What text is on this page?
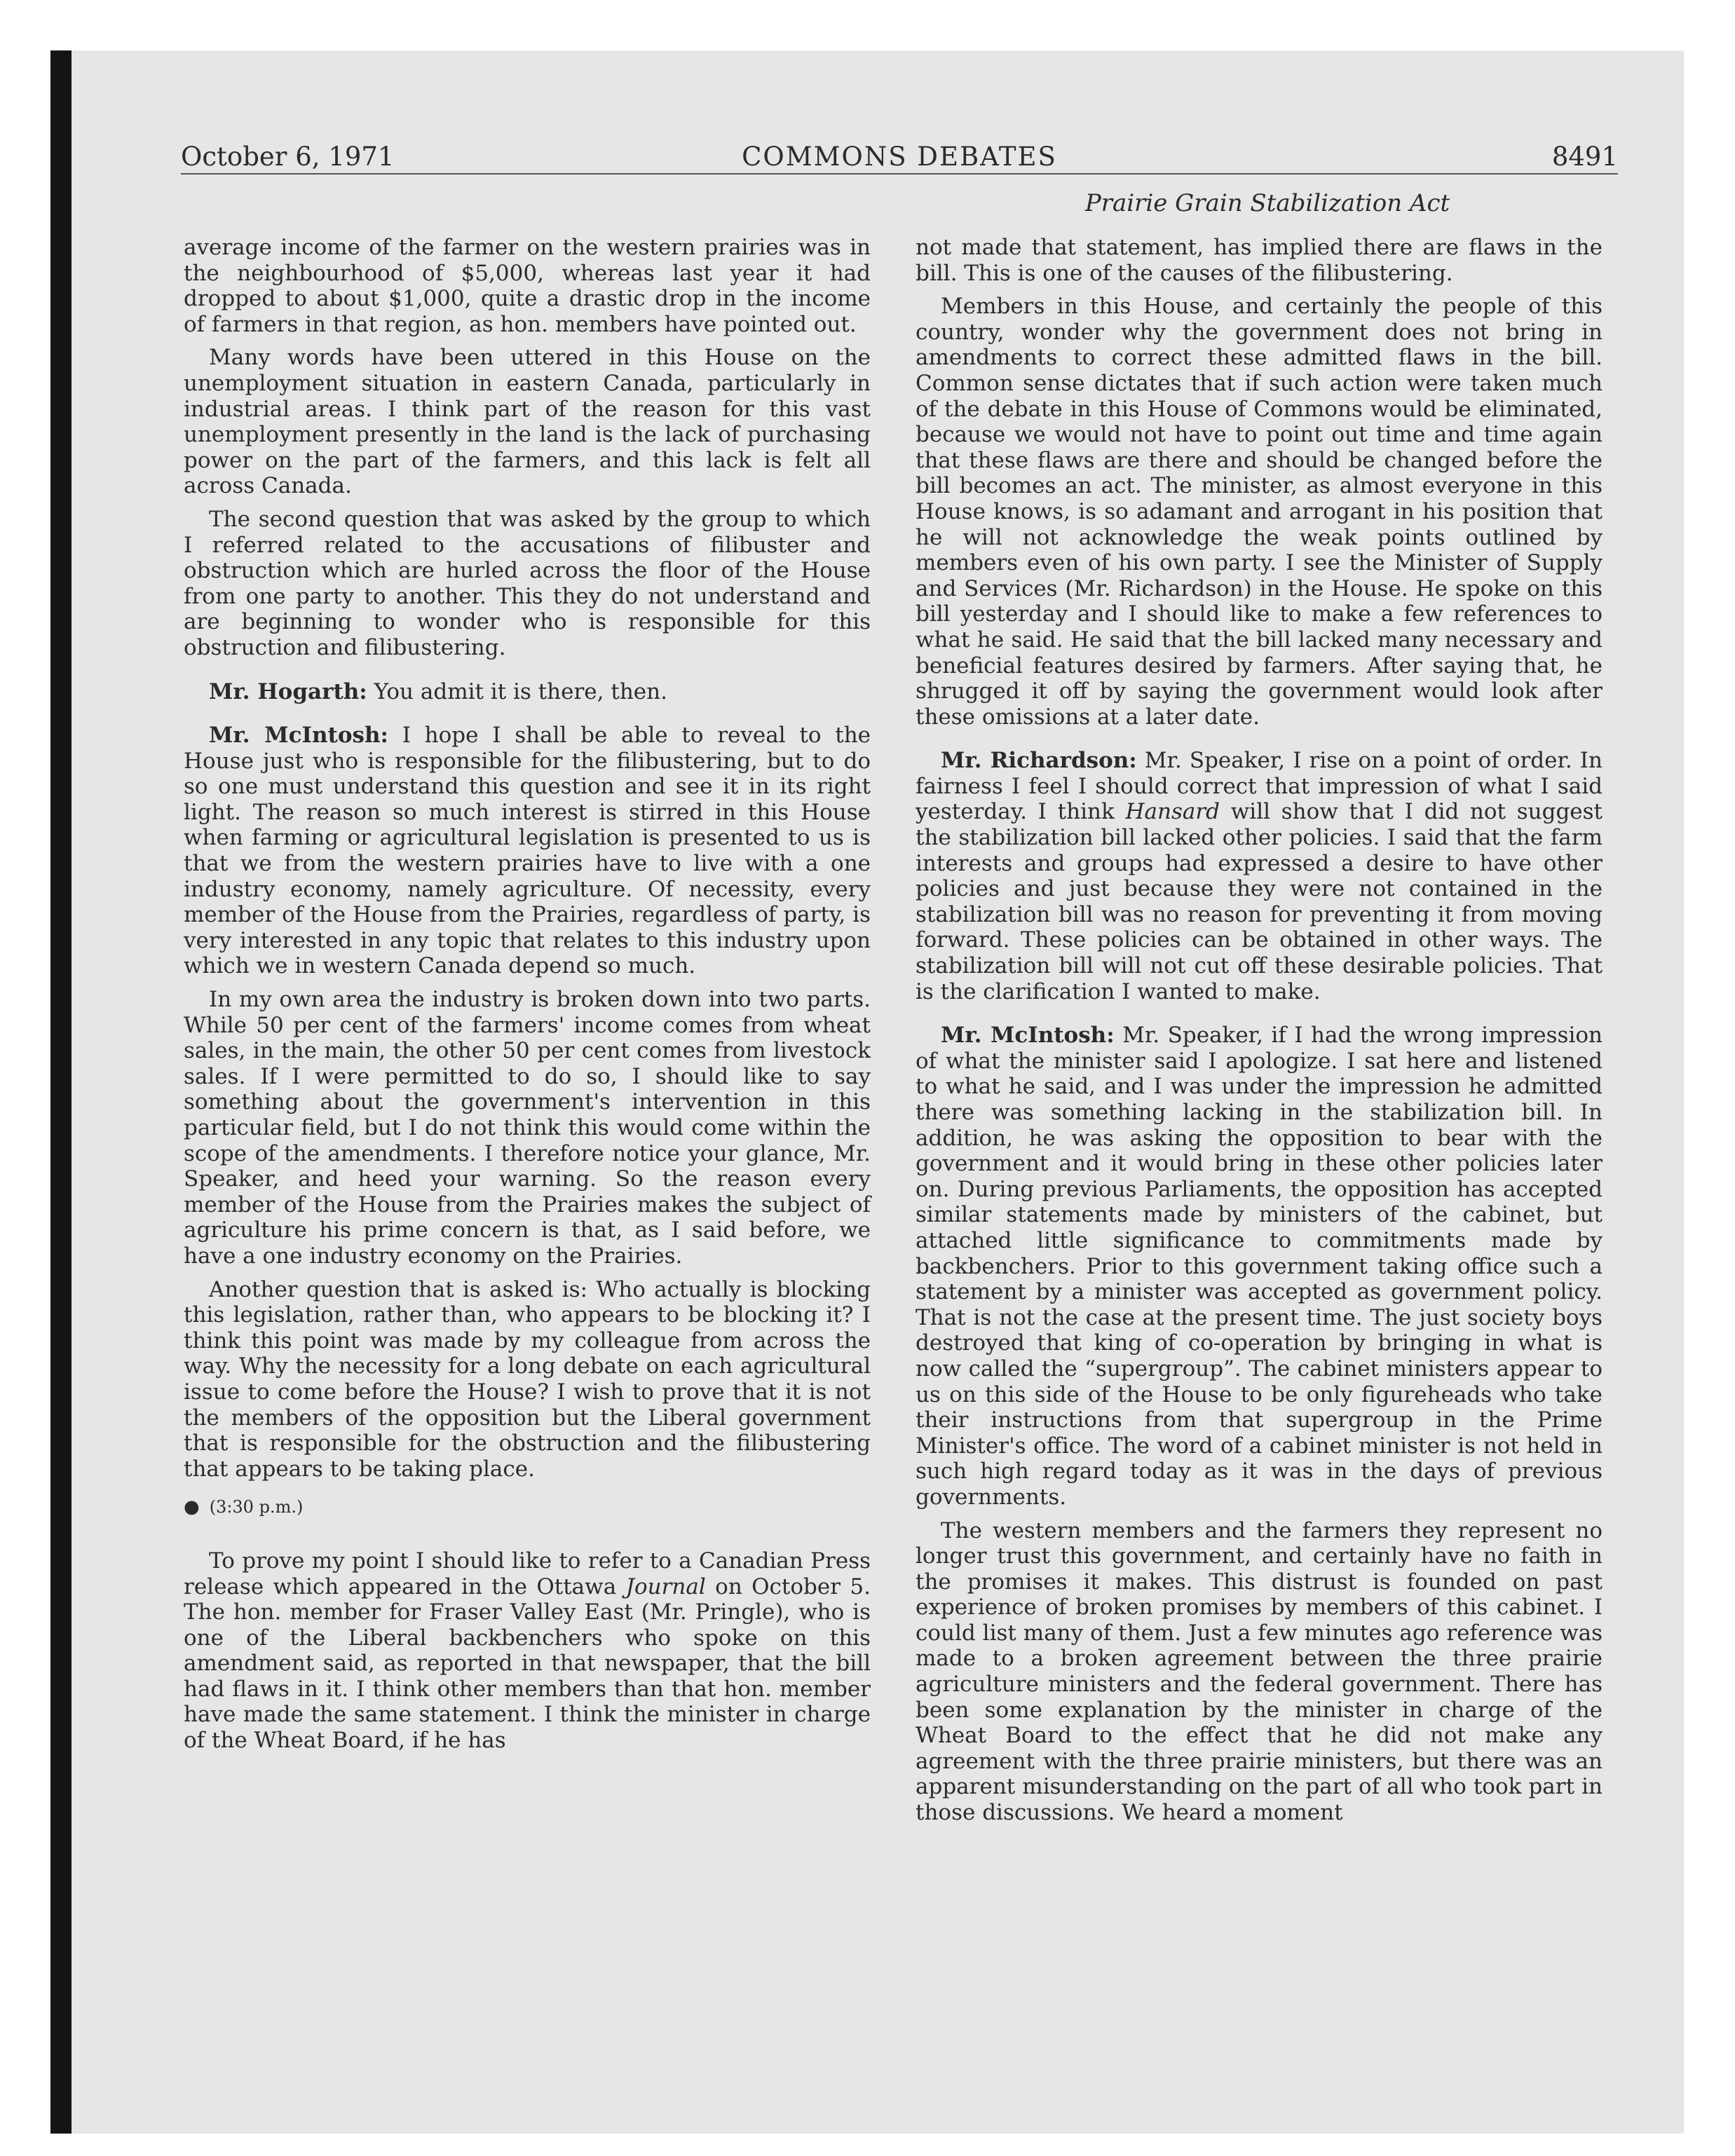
October 6, 1971	COMMONS DEBATES	8491
Prairie Grain Stabilization Act

average income of the farmer on the western prairies was in the neighbourhood of $5,000, whereas last year it had dropped to about $1,000, quite a drastic drop in the income of farmers in that region, as hon. members have pointed out.

Many words have been uttered in this House on the unemployment situation in eastern Canada, particularly in industrial areas. I think part of the reason for this vast unemployment presently in the land is the lack of purchasing power on the part of the farmers, and this lack is felt all across Canada.

The second question that was asked by the group to which I referred related to the accusations of filibuster and obstruction which are hurled across the floor of the House from one party to another. This they do not understand and are beginning to wonder who is responsible for this obstruction and filibustering.

Mr. Hogarth: You admit it is there, then.

Mr. McIntosh: I hope I shall be able to reveal to the House just who is responsible for the filibustering, but to do so one must understand this question and see it in its right light. The reason so much interest is stirred in this House when farming or agricultural legislation is presented to us is that we from the western prairies have to live with a one industry economy, namely agriculture. Of necessity, every member of the House from the Prairies, regardless of party, is very interested in any topic that relates to this industry upon which we in western Canada depend so much.

In my own area the industry is broken down into two parts. While 50 per cent of the farmers' income comes from wheat sales, in the main, the other 50 per cent comes from livestock sales. If I were permitted to do so, I should like to say something about the government's intervention in this particular field, but I do not think this would come within the scope of the amendments. I therefore notice your glance, Mr. Speaker, and heed your warning. So the reason every member of the House from the Prairies makes the subject of agriculture his prime concern is that, as I said before, we have a one industry economy on the Prairies.

Another question that is asked is: Who actually is blocking this legislation, rather than, who appears to be blocking it? I think this point was made by my colleague from across the way. Why the necessity for a long debate on each agricultural issue to come before the House? I wish to prove that it is not the members of the opposition but the Liberal government that is responsible for the obstruction and the filibustering that appears to be taking place.

● (3:30 p.m.)

To prove my point I should like to refer to a Canadian Press release which appeared in the Ottawa Journal on October 5. The hon. member for Fraser Valley East (Mr. Pringle), who is one of the Liberal backbenchers who spoke on this amendment said, as reported in that newspaper, that the bill had flaws in it. I think other members than that hon. member have made the same statement. I think the minister in charge of the Wheat Board, if he has

not made that statement, has implied there are flaws in the bill. This is one of the causes of the filibustering.

Members in this House, and certainly the people of this country, wonder why the government does not bring in amendments to correct these admitted flaws in the bill. Common sense dictates that if such action were taken much of the debate in this House of Commons would be eliminated, because we would not have to point out time and time again that these flaws are there and should be changed before the bill becomes an act. The minister, as almost everyone in this House knows, is so adamant and arrogant in his position that he will not acknowledge the weak points outlined by members even of his own party. I see the Minister of Supply and Services (Mr. Richardson) in the House. He spoke on this bill yesterday and I should like to make a few references to what he said. He said that the bill lacked many necessary and beneficial features desired by farmers. After saying that, he shrugged it off by saying the government would look after these omissions at a later date.

Mr. Richardson: Mr. Speaker, I rise on a point of order. In fairness I feel I should correct that impression of what I said yesterday. I think Hansard will show that I did not suggest the stabilization bill lacked other policies. I said that the farm interests and groups had expressed a desire to have other policies and just because they were not contained in the stabilization bill was no reason for preventing it from moving forward. These policies can be obtained in other ways. The stabilization bill will not cut off these desirable policies. That is the clarification I wanted to make.

Mr. McIntosh: Mr. Speaker, if I had the wrong impression of what the minister said I apologize. I sat here and listened to what he said, and I was under the impression he admitted there was something lacking in the stabilization bill. In addition, he was asking the opposition to bear with the government and it would bring in these other policies later on. During previous Parliaments, the opposition has accepted similar statements made by ministers of the cabinet, but attached little significance to commitments made by backbenchers. Prior to this government taking office such a statement by a minister was accepted as government policy. That is not the case at the present time. The just society boys destroyed that king of co-operation by bringing in what is now called the “supergroup”. The cabinet ministers appear to us on this side of the House to be only figureheads who take their instructions from that supergroup in the Prime Minister's office. The word of a cabinet minister is not held in such high regard today as it was in the days of previous governments.

The western members and the farmers they represent no longer trust this government, and certainly have no faith in the promises it makes. This distrust is founded on past experience of broken promises by members of this cabinet. I could list many of them. Just a few minutes ago reference was made to a broken agreement between the three prairie agriculture ministers and the federal government. There has been some explanation by the minister in charge of the Wheat Board to the effect that he did not make any agreement with the three prairie ministers, but there was an apparent misunderstanding on the part of all who took part in those discussions. We heard a moment
